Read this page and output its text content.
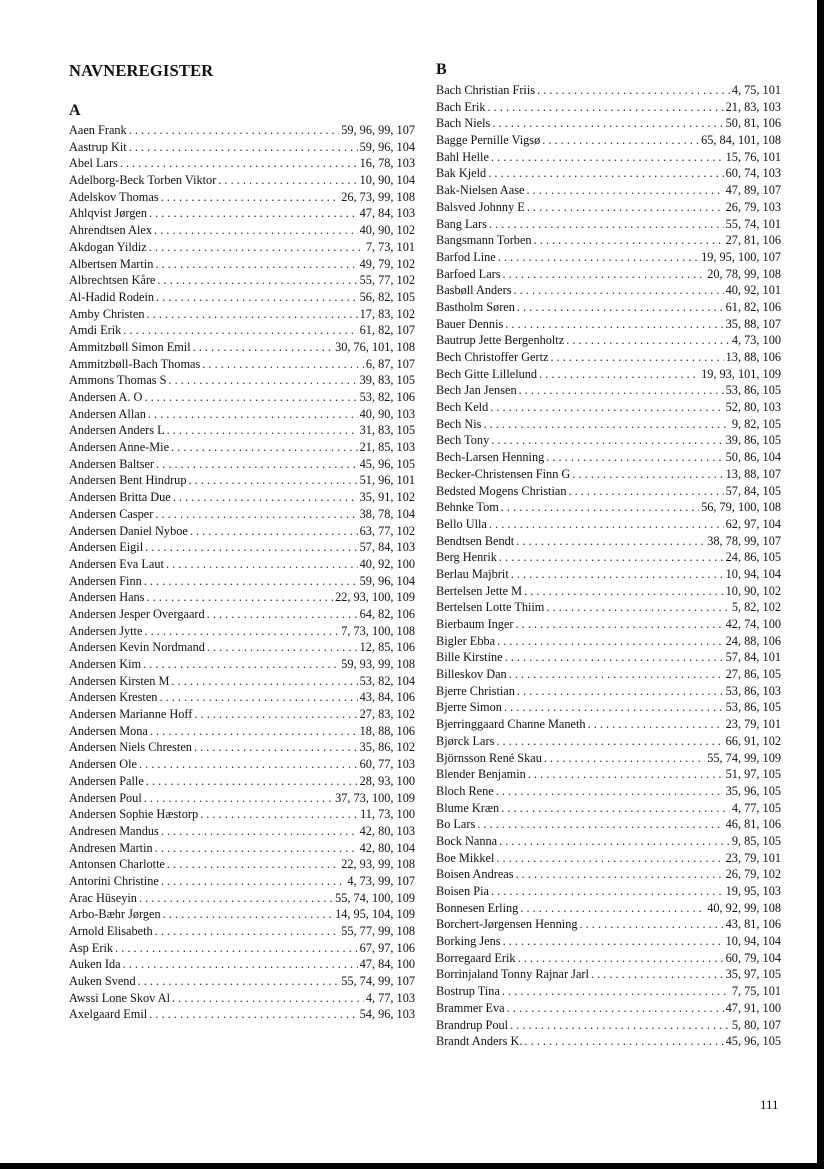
NAVNEREGISTER
A
Aaen Frank . . .	59, 96, 99, 107
Aastrup Kit . . .	59, 96, 104
Abel Lars . . .	16, 78, 103
Adelborg-Beck Torben Viktor . . .	10, 90, 104
Adelskov Thomas . . .	26, 73, 99, 108
Ahlqvist Jørgen . . .	47, 84, 103
Ahrendtsen Alex . . .	40, 90, 102
Akdogan Yildiz . . .	7, 73, 101
Albertsen Martin . . .	49, 79, 102
Albrechtsen Kåre . . .	55, 77, 102
Al-Hadid Rodein . . .	56, 82, 105
Amby Christen . . .	17, 83, 102
Amdi Erik . . .	61, 82, 107
Ammitzbøll Simon Emil . . .	30, 76, 101, 108
Ammitzbøll-Bach Thomas . . .	6, 87, 107
Ammons Thomas S . . .	39, 83, 105
Andersen A. O . . .	53, 82, 106
Andersen Allan . . .	40, 90, 103
Andersen Anders L . . .	31, 83, 105
Andersen Anne-Mie . . .	21, 85, 103
Andersen Baltser . . .	45, 96, 105
Andersen Bent Hindrup . . .	51, 96, 101
Andersen Britta Due . . .	35, 91, 102
Andersen Casper . . .	38, 78, 104
Andersen Daniel Nyboe . . .	63, 77, 102
Andersen Eigil . . .	57, 84, 103
Andersen Eva Laut . . .	40, 92, 100
Andersen Finn . . .	59, 96, 104
Andersen Hans . . .	22, 93, 100, 109
Andersen Jesper Overgaard . . .	64, 82, 106
Andersen Jytte . . .	7, 73, 100, 108
Andersen Kevin Nordmand . . .	12, 85, 106
Andersen Kim . . .	59, 93, 99, 108
Andersen Kirsten M . . .	53, 82, 104
Andersen Kresten . . .	43, 84, 106
Andersen Marianne Hoff . . .	27, 83, 102
Andersen Mona . . .	18, 88, 106
Andersen Niels Chresten . . .	35, 86, 102
Andersen Ole . . .	60, 77, 103
Andersen Palle . . .	28, 93, 100
Andersen Poul . . .	37, 73, 100, 109
Andersen Sophie Hæstorp . . .	11, 73, 100
Andresen Mandus . . .	42, 80, 103
Andresen Martin . . .	42, 80, 104
Antonsen Charlotte . . .	22, 93, 99, 108
Antorini Christine . . .	4, 73, 99, 107
Arac Hüseyin . . .	55, 74, 100, 109
Arbo-Bæhr Jørgen . . .	14, 95, 104, 109
Arnold Elisabeth . . .	55, 77, 99, 108
Asp Erik . . .	67, 97, 106
Auken Ida . . .	47, 84, 100
Auken Svend . . .	55, 74, 99, 107
Awssi Lone Skov Al . . .	4, 77, 103
Axelgaard Emil . . .	54, 96, 103
B
Bach Christian Friis . . .	4, 75, 101
Bach Erik . . .	21, 83, 103
Bach Niels . . .	50, 81, 106
Bagge Pernille Vigsø . . .	65, 84, 101, 108
Bahl Helle . . .	15, 76, 101
Bak Kjeld . . .	60, 74, 103
Bak-Nielsen Aase . . .	47, 89, 107
Balsved Johnny E . . .	26, 79, 103
Bang Lars . . .	55, 74, 101
Bangsmann Torben . . .	27, 81, 106
Barfod Line . . .	19, 95, 100, 107
Barfoed Lars . . .	20, 78, 99, 108
Basbøll Anders . . .	40, 92, 101
Bastholm Søren . . .	61, 82, 106
Bauer Dennis . . .	35, 88, 107
Bautrup Jette Bergenholtz . . .	4, 73, 100
Bech Christoffer Gertz . . .	13, 88, 106
Bech Gitte Lillelund . . .	19, 93, 101, 109
Bech Jan Jensen . . .	53, 86, 105
Bech Keld . . .	52, 80, 103
Bech Nis . . .	9, 82, 105
Bech Tony . . .	39, 86, 105
Bech-Larsen Henning . . .	50, 86, 104
Becker-Christensen Finn G . . .	13, 88, 107
Bedsted Mogens Christian . . .	57, 84, 105
Behnke Tom . . .	56, 79, 100, 108
Bello Ulla . . .	62, 97, 104
Bendtsen Bendt . . .	38, 78, 99, 107
Berg Henrik . . .	24, 86, 105
Berlau Majbrit . . .	10, 94, 104
Bertelsen Jette M . . .	10, 90, 102
Bertelsen Lotte Thiim . . .	5, 82, 102
Bierbaum Inger . . .	42, 74, 100
Bigler Ebba . . .	24, 88, 106
Bille Kirstine . . .	57, 84, 101
Billeskov Dan . . .	27, 86, 105
Bjerre Christian . . .	53, 86, 103
Bjerre Simon . . .	53, 86, 105
Bjerringgaard Channe Maneth . . .	23, 79, 101
Bjørck Lars . . .	66, 91, 102
Björnsson René Skau . . .	55, 74, 99, 109
Blender Benjamin . . .	51, 97, 105
Bloch Rene . . .	35, 96, 105
Blume Kræn . . .	4, 77, 105
Bo Lars . . .	46, 81, 106
Bock Nanna . . .	9, 85, 105
Boe Mikkel . . .	23, 79, 101
Boisen Andreas . . .	26, 79, 102
Boisen Pia . . .	19, 95, 103
Bonnesen Erling . . .	40, 92, 99, 108
Borchert-Jørgensen Henning . . .	43, 81, 106
Borking Jens . . .	10, 94, 104
Borregaard Erik . . .	60, 79, 104
Borrinjaland Tonny Rajnar Jarl . . .	35, 97, 105
Bostrup Tina . . .	7, 75, 101
Brammer Eva . . .	47, 91, 100
Brandrup Poul . . .	5, 80, 107
Brandt Anders K. . . .	45, 96, 105
111
